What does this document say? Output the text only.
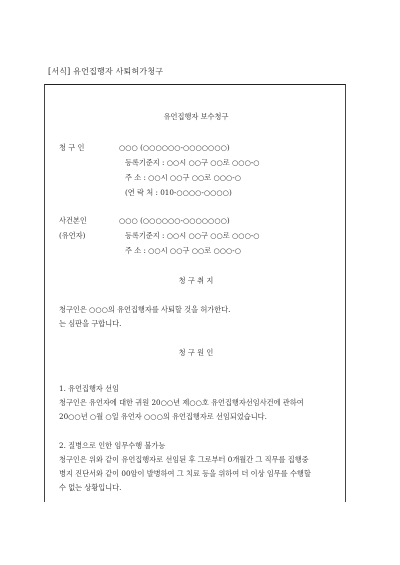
[서식] 유언집행자 사퇴허가청구
유언집행자 보수청구
청 구 인	○○○ (○○○○○○-○○○○○○○)
등록기준지 : ○○시 ○○구 ○○로 ○○○-○
주 소 : ○○시 ○○구 ○○로 ○○○-○
(연 락 처 : 010-○○○○-○○○○)
사건본인	○○○ (○○○○○○-○○○○○○○)
(유언자)	등록기준지 : ○○시 ○○구 ○○로 ○○○-○
주 소 : ○○시 ○○구 ○○로 ○○○-○
청 구 취 지
청구인은 ○○○의 유언집행자를 사퇴할 것을 허가한다.
는 심판을 구합니다.
청 구 원 인
1. 유언집행자 선임
청구인은 유언자에 대한 귀원 20○○년 제○○호 유언집행자선임사건에 관하여
20○○년 ○월 ○일 유언자 ○○○의 유언집행자로 선임되었습니다.
2. 질병으로 인한 임무수행 불가능
청구인은 위와 같이 유언집행자로 선임된 후 그로부터 0개월간 그 직무를 집행중
병지 진단서와 같이 00암이 발병하여 그 치료 등을 위하여 더 이상 임무를 수행할
수 없는 상황입니다.
